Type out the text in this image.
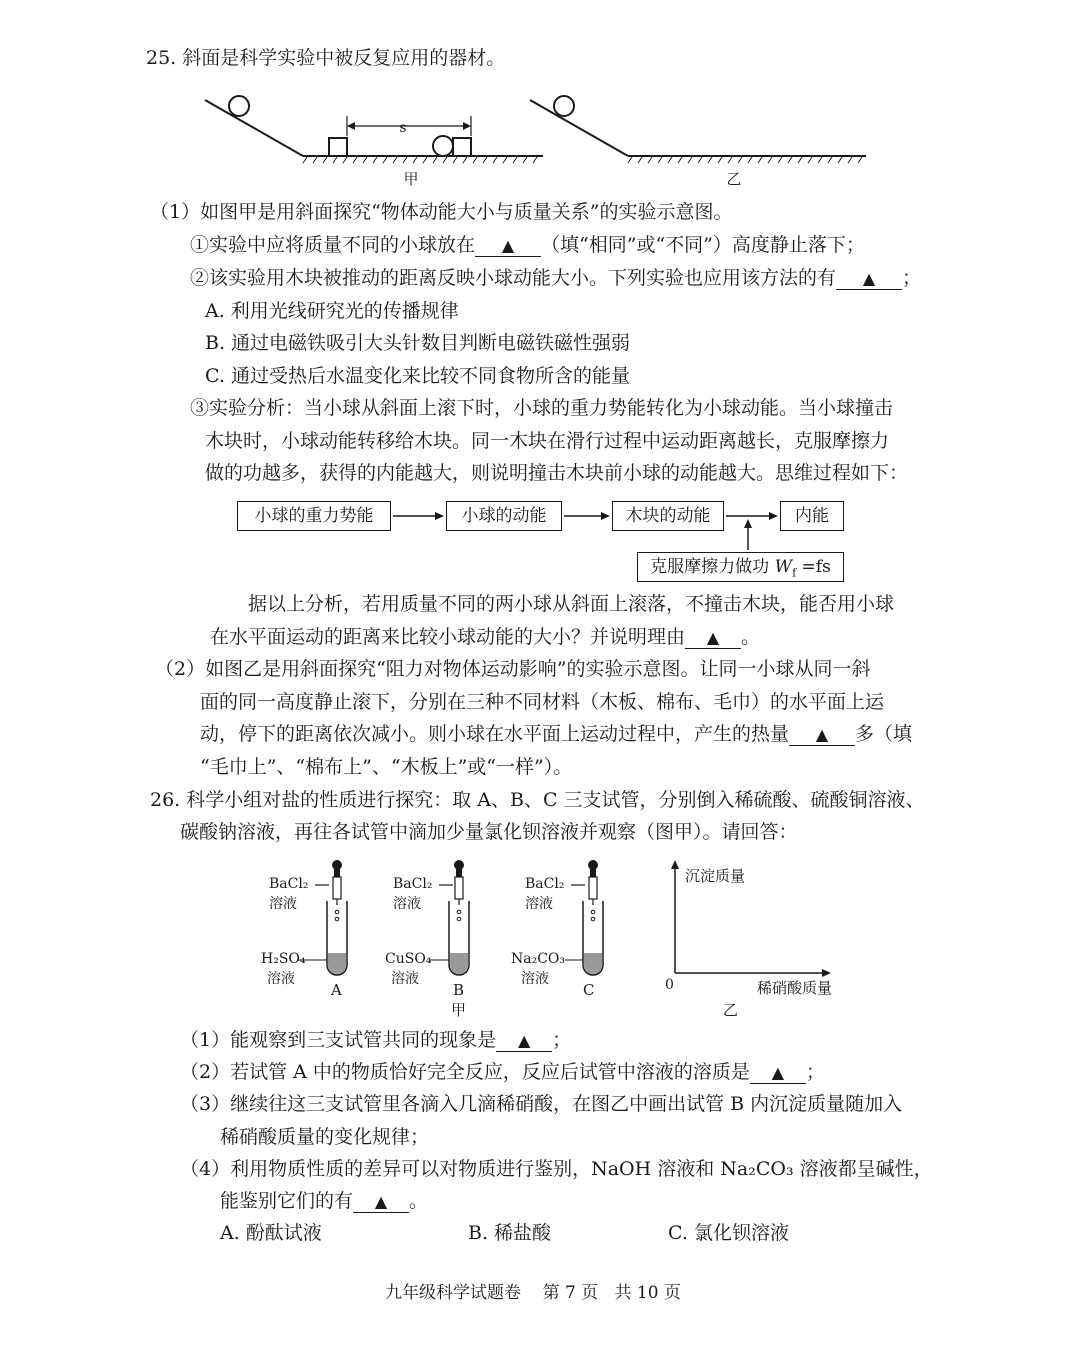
25. 斜面是科学实验中被反复应用的器材。
s
甲	乙
（1）如图甲是用斜面探究“物体动能大小与质量关系”的实验示意图。
①实验中应将质量不同的小球放在 ▲ （填“相同”或“不同”）高度静止落下；
②该实验用木块被推动的距离反映小球动能大小。下列实验也应用该方法的有 ▲ ；
A. 利用光线研究光的传播规律
B. 通过电磁铁吸引大头针数目判断电磁铁磁性强弱
C. 通过受热后水温变化来比较不同食物所含的能量
③实验分析：当小球从斜面上滚下时，小球的重力势能转化为小球动能。当小球撞击
木块时，小球动能转移给木块。同一木块在滑行过程中运动距离越长，克服摩擦力
做的功越多，获得的内能越大，则说明撞击木块前小球的动能越大。思维过程如下：
小球的重力势能	小球的动能	木块的动能	内能
克服摩擦力做功 $W_f =fs$
据以上分析，若用质量不同的两小球从斜面上滚落，不撞击木块，能否用小球
在水平面运动的距离来比较小球动能的大小？并说明理由 ▲ 。
（2）如图乙是用斜面探究“阻力对物体运动影响”的实验示意图。让同一小球从同一斜
面的同一高度静止滚下，分别在三种不同材料（木板、棉布、毛巾）的水平面上运
动，停下的距离依次减小。则小球在水平面上运动过程中，产生的热量 ▲ 多（填
“毛巾上”、“棉布上”、“木板上”或“一样”）。
26. 科学小组对盐的性质进行探究：取 A、B、C 三支试管，分别倒入稀硫酸、硫酸铜溶液、
碳酸钠溶液，再往各试管中滴加少量氯化钡溶液并观察（图甲）。请回答：
BaCl₂
溶液
H₂SO₄
溶液
A
BaCl₂
溶液
CuSO₄
溶液
B
甲
BaCl₂
溶液
Na₂CO₃
溶液
C
沉淀质量
0	稀硝酸质量
乙
（1）能观察到三支试管共同的现象是 ▲ ；
（2）若试管 A 中的物质恰好完全反应，反应后试管中溶液的溶质是 ▲ ；
（3）继续往这三支试管里各滴入几滴稀硝酸，在图乙中画出试管 B 内沉淀质量随加入
稀硝酸质量的变化规律；
（4）利用物质性质的差异可以对物质进行鉴别，NaOH 溶液和 Na₂CO₃ 溶液都呈碱性，
能鉴别它们的有 ▲ 。
A. 酚酞试液	B. 稀盐酸	C. 氯化钡溶液
九年级科学试题卷 第 7 页 共 10 页
